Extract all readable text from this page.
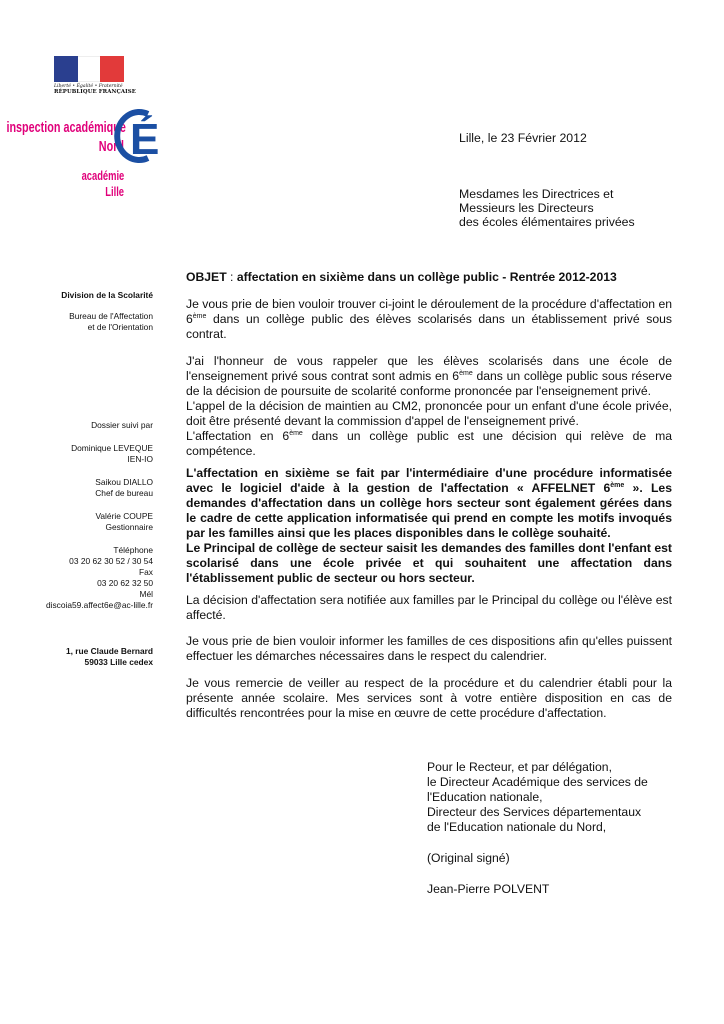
Liberté • Égalité • Fraternité
RÉPUBLIQUE FRANÇAISE
inspection académique
Nord
académie
Lille
É	Lille, le 23 Février 2012
Mesdames les Directrices et
Messieurs les Directeurs
des écoles élémentaires privées
Division de la Scolarité
Bureau de l'Affectation
et de l'Orientation
Dossier suivi par
Dominique LEVEQUE
IEN-IO
Saikou DIALLO
Chef de bureau
Valérie COUPE
Gestionnaire
Téléphone
03 20 62 30 52 / 30 54
Fax
03 20 62 32 50
Mél
discoia59.affect6e@ac-lille.fr
1, rue Claude Bernard
59033 Lille cedex
OBJET : affectation en sixième dans un collège public - Rentrée 2012-2013

Je vous prie de bien vouloir trouver ci-joint le déroulement de la procédure d'affectation en 6ème dans un collège public des élèves scolarisés dans un établissement privé sous contrat.

J'ai l'honneur de vous rappeler que les élèves scolarisés dans une école de l'enseignement privé sous contrat sont admis en 6ème dans un collège public sous réserve de la décision de poursuite de scolarité conforme prononcée par l'enseignement privé.

L'appel de la décision de maintien au CM2, prononcée pour un enfant d'une école privée, doit être présenté devant la commission d'appel de l'enseignement privé.

L'affectation en 6ème dans un collège public est une décision qui relève de ma compétence.

L'affectation en sixième se fait par l'intermédiaire d'une procédure informatisée avec le logiciel d'aide à la gestion de l'affectation « AFFELNET 6ème ». Les demandes d'affectation dans un collège hors secteur sont également gérées dans le cadre de cette application informatisée qui prend en compte les motifs invoqués par les familles ainsi que les places disponibles dans le collège souhaité.

Le Principal de collège de secteur saisit les demandes des familles dont l'enfant est scolarisé dans une école privée et qui souhaitent une affectation dans l'établissement public de secteur ou hors secteur.

La décision d'affectation sera notifiée aux familles par le Principal du collège ou l'élève est affecté.
Je vous prie de bien vouloir informer les familles de ces dispositions afin qu'elles puissent effectuer les démarches nécessaires dans le respect du calendrier.
Je vous remercie de veiller au respect de la procédure et du calendrier établi pour la présente année scolaire. Mes services sont à votre entière disposition en cas de difficultés rencontrées pour la mise en œuvre de cette procédure d'affectation.
Pour le Recteur, et par délégation,
le Directeur Académique des services de
l'Education nationale,
Directeur des Services départementaux
de l'Education nationale du Nord,
(Original signé)
Jean-Pierre POLVENT
